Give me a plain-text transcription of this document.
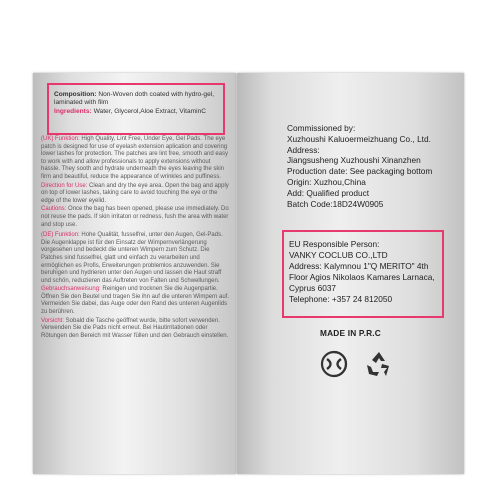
Composition: Non-Woven doth coated with hydro-gel, laminated with film
Ingredients: Water, Glycerol,Aloe Extract, VitaminC

(UK) Funktion: High Quality, Lint Free, Under Eye, Gel Pads. The eye patch is designed for use of eyelash extension aplication and covering lower lashes for protection. The patches are lint free, smooth and easy to work with and allow professionals to apply extensions without hassle. They sooth and hydrate underneath the eyes leaving the skin firm and beautiful, reduce the appearance of wrinkles and puffiness.

Direction for Use: Clean and dry the eye area. Open the bag and apply on top of lower lashes, taking care to avoid touching the eye or the edge of the lower eyelid.

Cautions: Once the bag has been opened, please use immediately. Do not reuse the pads. If skin irritaton or redness, fush the area with water and stop use.

(DE) Funktion: Hohe Qualität, fusselfrei, unter den Augen, Gel-Pads. Die Augenklappe ist für den Einsatz der Wimpernverlängerung vorgesehen und bedeckt die unteren Wimpern zum Schutz. Die Patches sind fusselfrei, glatt und einfach zu verarbeiten und ermöglichen es Profis, Erweiterungen problemlos anzuwenden. Sie beruhigen und hydrieren unter den Augen und lassen die Haut straff und schön, reduzieren das Auftreten von Falten und Schwellungen.

Gebrauchsanweisung: Reinigen und trocknen Sie die Augenpartie. Öffnen Sie den Beutel und tragen Sie ihn auf die unteren Wimpern auf. Vermeiden Sie dabei, das Auge oder den Rand des unteren Augenlids zu berühren.

Vorsicht: Sobald die Tasche geöffnet wurde, bitte sofort verwenden. Verwenden Sie die Pads nicht erneut. Bei Hautirritationen oder Rötungen den Bereich mit Wasser füllen und den Gebrauch einstellen.

Commissioned by:
Xuzhoushi Kaluoermeizhuang Co., Ltd.
Address:
Jiangsusheng Xuzhoushi Xinanzhen
Production date: See packaging bottom
Origin: Xuzhou,China
Add: Qualified product
Batch Code:18D24W0905
EU Responsible Person:
VANKY COCLUB CO.,LTD
Address: Kalymnou 1"Q MERITO" 4th
Floor Agios Nikolaos Kamares Larnaca,
Cyprus 6037
Telephone: +357 24 812050
MADE IN P.R.C
